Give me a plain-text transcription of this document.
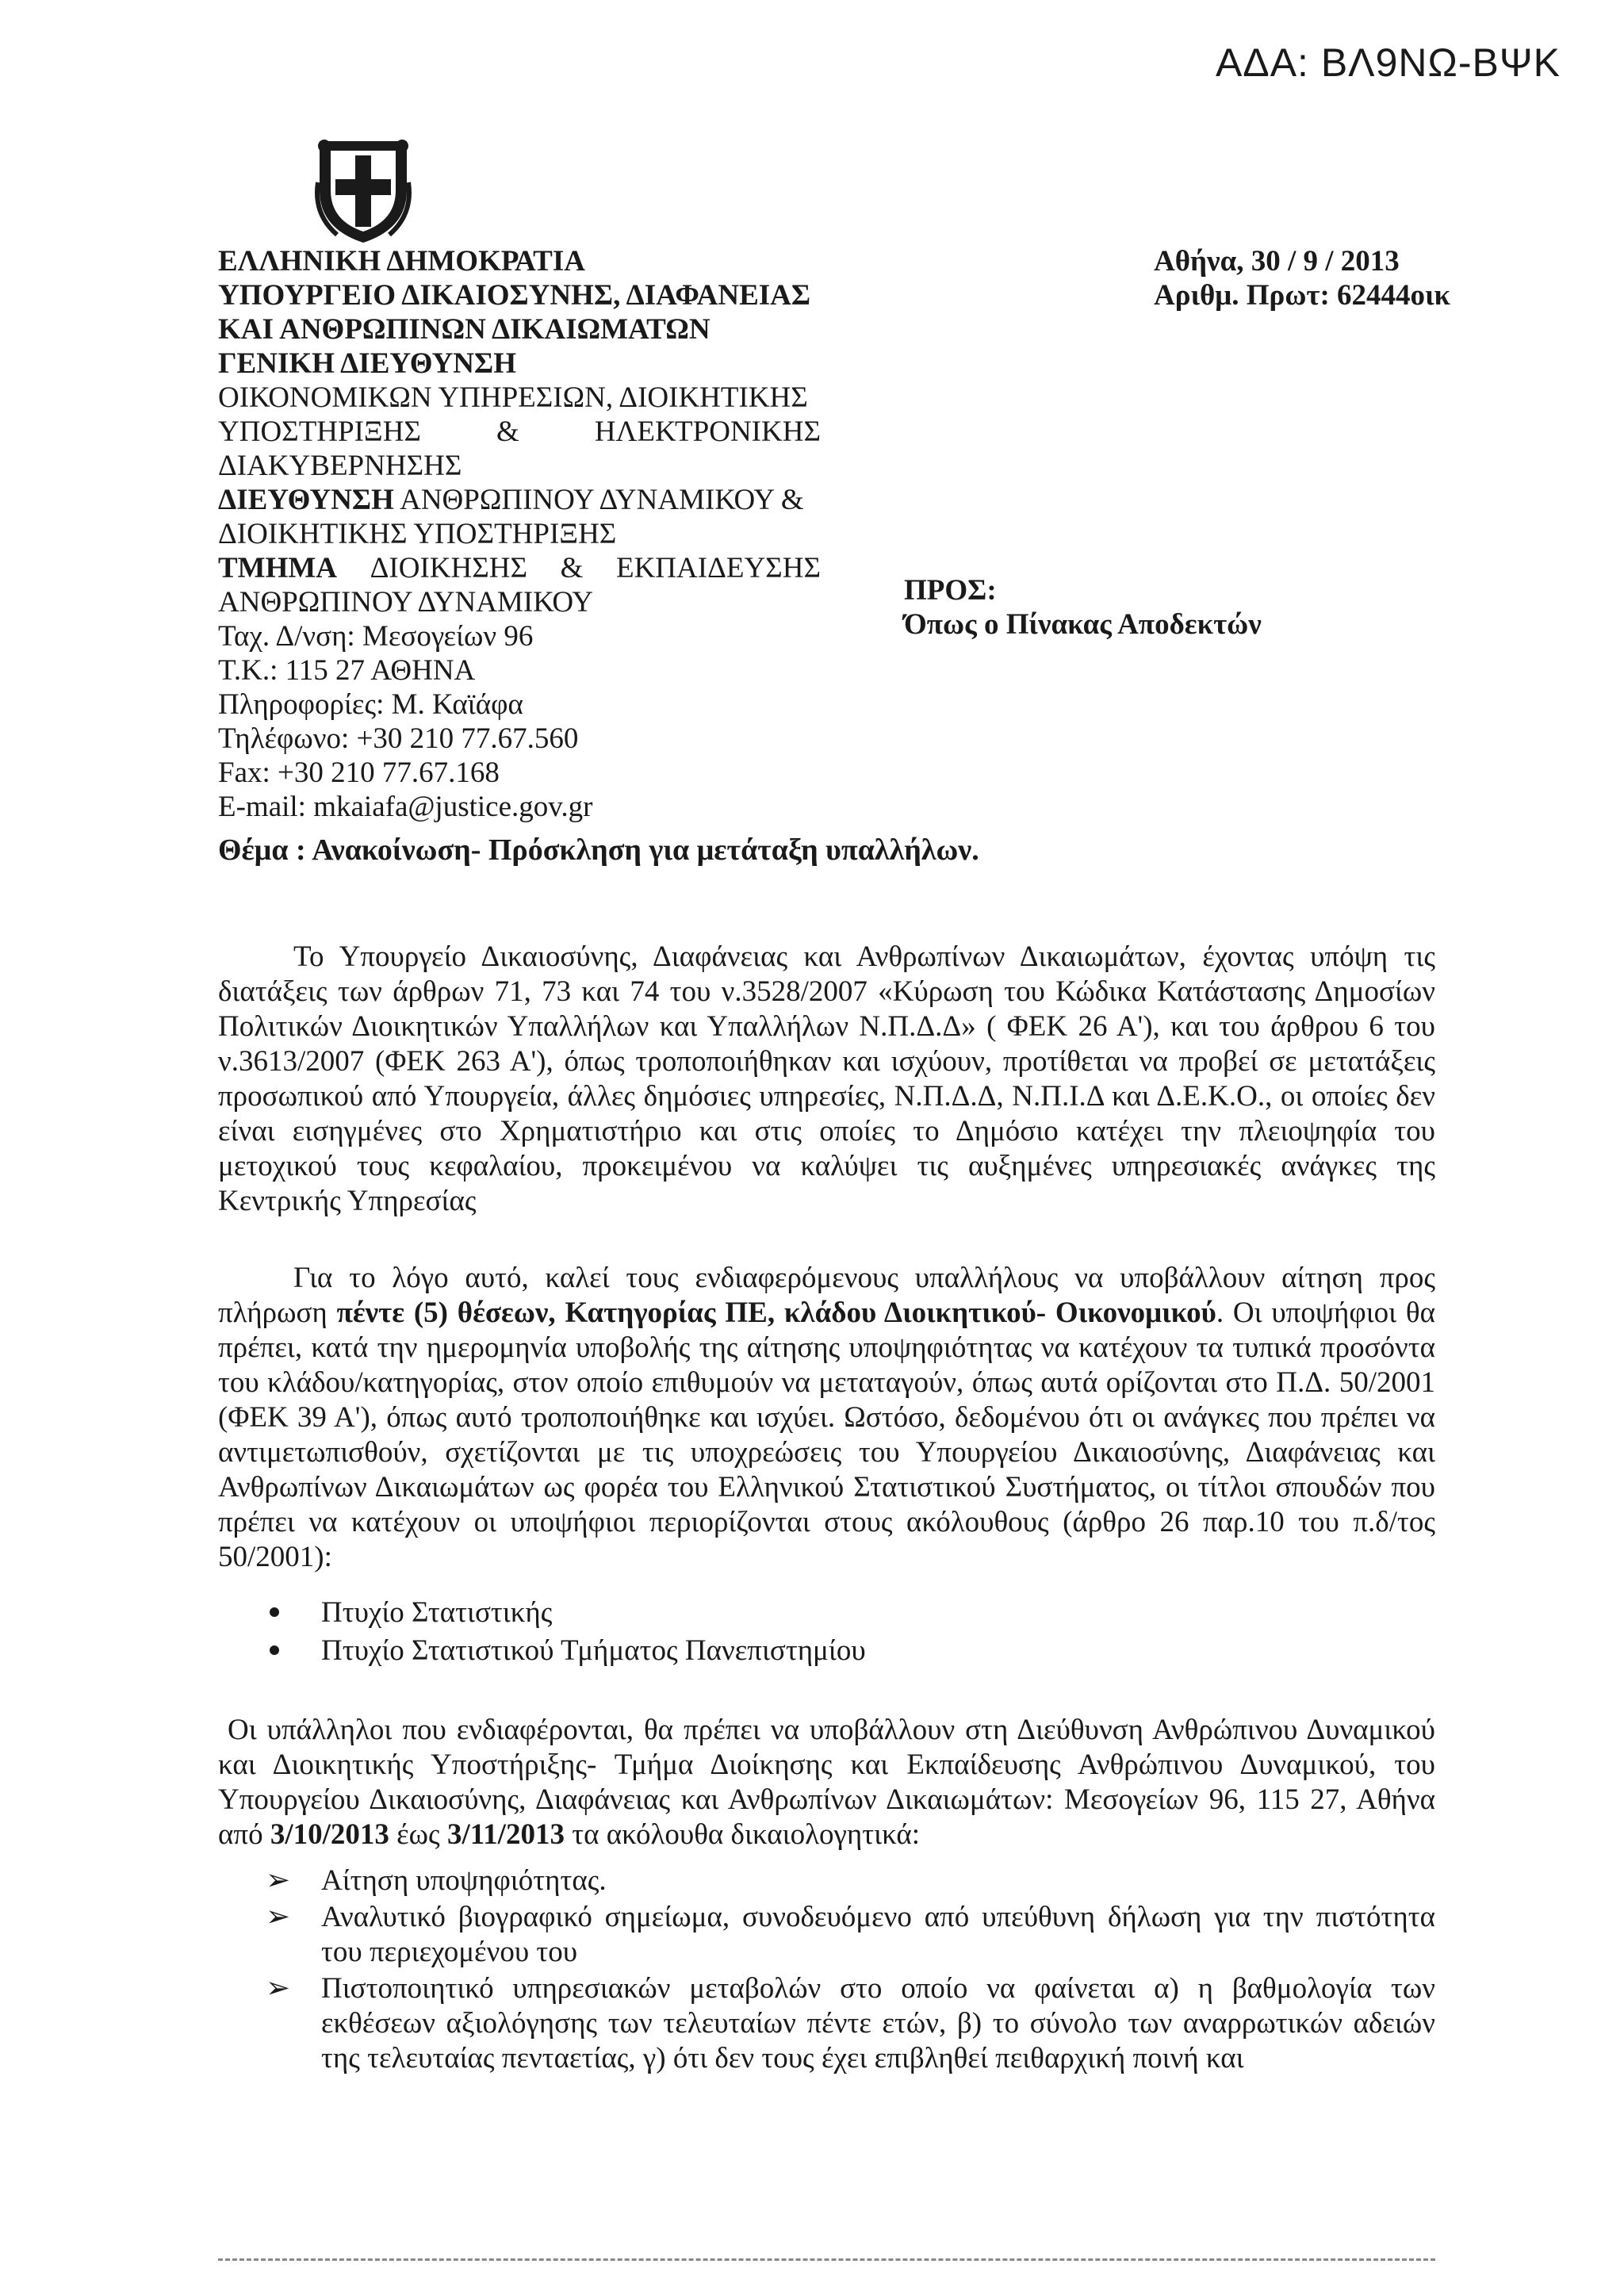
ΑΔΑ: ΒΛ9ΝΩ-ΒΨΚ
ΕΛΛΗΝΙΚΗ ΔΗΜΟΚΡΑΤΙΑ
ΥΠΟΥΡΓΕΙΟ ΔΙΚΑΙΟΣΥΝΗΣ, ΔΙΑΦΑΝΕΙΑΣ
ΚΑΙ ΑΝΘΡΩΠΙΝΩΝ ΔΙΚΑΙΩΜΑΤΩΝ
ΓΕΝΙΚΗ ΔΙΕΥΘΥΝΣΗ
ΟΙΚΟΝΟΜΙΚΩΝ ΥΠΗΡΕΣΙΩΝ, ΔΙΟΙΚΗΤΙΚΗΣ
ΥΠΟΣΤΗΡΙΞΗΣ	&	ΗΛΕΚΤΡΟΝΙΚΗΣ
ΔΙΑΚΥΒΕΡΝΗΣΗΣ
ΔΙΕΥΘΥΝΣΗ ΑΝΘΡΩΠΙΝΟΥ ΔΥΝΑΜΙΚΟΥ &
ΔΙΟΙΚΗΤΙΚΗΣ ΥΠΟΣΤΗΡΙΞΗΣ
ΤΜΗΜΑ ΔΙΟΙΚΗΣΗΣ & ΕΚΠΑΙΔΕΥΣΗΣ
ΑΝΘΡΩΠΙΝΟΥ ΔΥΝΑΜΙΚΟΥ
Ταχ. Δ/νση: Μεσογείων 96
Τ.Κ.: 115 27 ΑΘΗΝΑ
Πληροφορίες: Μ. Καϊάφα
Τηλέφωνο: +30 210 77.67.560
Fax: +30 210 77.67.168
E-mail: mkaiafa@justice.gov.gr
Αθήνα, 30 / 9 / 2013
Αριθμ. Πρωτ: 62444οικ
ΠΡΟΣ:
Όπως ο Πίνακας Αποδεκτών
Θέμα : Ανακοίνωση- Πρόσκληση για μετάταξη υπαλλήλων.

Το Υπουργείο Δικαιοσύνης, Διαφάνειας και Ανθρωπίνων Δικαιωμάτων, έχοντας υπόψη τις διατάξεις των άρθρων 71, 73 και 74 του ν.3528/2007 «Κύρωση του Κώδικα Κατάστασης Δημοσίων Πολιτικών Διοικητικών Υπαλλήλων και Υπαλλήλων Ν.Π.Δ.Δ» ( ΦΕΚ 26 Α'), και του άρθρου 6 του ν.3613/2007 (ΦΕΚ 263 Α'), όπως τροποποιήθηκαν και ισχύουν, προτίθεται να προβεί σε μετατάξεις προσωπικού από Υπουργεία, άλλες δημόσιες υπηρεσίες, Ν.Π.Δ.Δ, Ν.Π.Ι.Δ και Δ.Ε.Κ.Ο., οι οποίες δεν είναι εισηγμένες στο Χρηματιστήριο και στις οποίες το Δημόσιο κατέχει την πλειοψηφία του μετοχικού τους κεφαλαίου, προκειμένου να καλύψει τις αυξημένες υπηρεσιακές ανάγκες της Κεντρικής Υπηρεσίας

Για το λόγο αυτό, καλεί τους ενδιαφερόμενους υπαλλήλους να υποβάλλουν αίτηση προς πλήρωση πέντε (5) θέσεων, Κατηγορίας ΠΕ, κλάδου Διοικητικού- Οικονομικού. Οι υποψήφιοι θα πρέπει, κατά την ημερομηνία υποβολής της αίτησης υποψηφιότητας να κατέχουν τα τυπικά προσόντα του κλάδου/κατηγορίας, στον οποίο επιθυμούν να μεταταγούν, όπως αυτά ορίζονται στο Π.Δ. 50/2001 (ΦΕΚ 39 Α'), όπως αυτό τροποποιήθηκε και ισχύει. Ωστόσο, δεδομένου ότι οι ανάγκες που πρέπει να αντιμετωπισθούν, σχετίζονται με τις υποχρεώσεις του Υπουργείου Δικαιοσύνης, Διαφάνειας και Ανθρωπίνων Δικαιωμάτων ως φορέα του Ελληνικού Στατιστικού Συστήματος, οι τίτλοι σπουδών που πρέπει να κατέχουν οι υποψήφιοι περιορίζονται στους ακόλουθους (άρθρο 26 παρ.10 του π.δ/τος 50/2001):

Πτυχίο Στατιστικής
Πτυχίο Στατιστικού Τμήματος Πανεπιστημίου

Οι υπάλληλοι που ενδιαφέρονται, θα πρέπει να υποβάλλουν στη Διεύθυνση Ανθρώπινου Δυναμικού και Διοικητικής Υποστήριξης- Τμήμα Διοίκησης και Εκπαίδευσης Ανθρώπινου Δυναμικού, του Υπουργείου Δικαιοσύνης, Διαφάνειας και Ανθρωπίνων Δικαιωμάτων: Μεσογείων 96, 115 27, Αθήνα από 3/10/2013 έως 3/11/2013 τα ακόλουθα δικαιολογητικά:

➢ Αίτηση υποψηφιότητας.
➢ Αναλυτικό βιογραφικό σημείωμα, συνοδευόμενο από υπεύθυνη δήλωση για την πιστότητα του περιεχομένου του
➢ Πιστοποιητικό υπηρεσιακών μεταβολών στο οποίο να φαίνεται α) η βαθμολογία των εκθέσεων αξιολόγησης των τελευταίων πέντε ετών, β) το σύνολο των αναρρωτικών αδειών της τελευταίας πενταετίας, γ) ότι δεν τους έχει επιβληθεί πειθαρχική ποινή και
